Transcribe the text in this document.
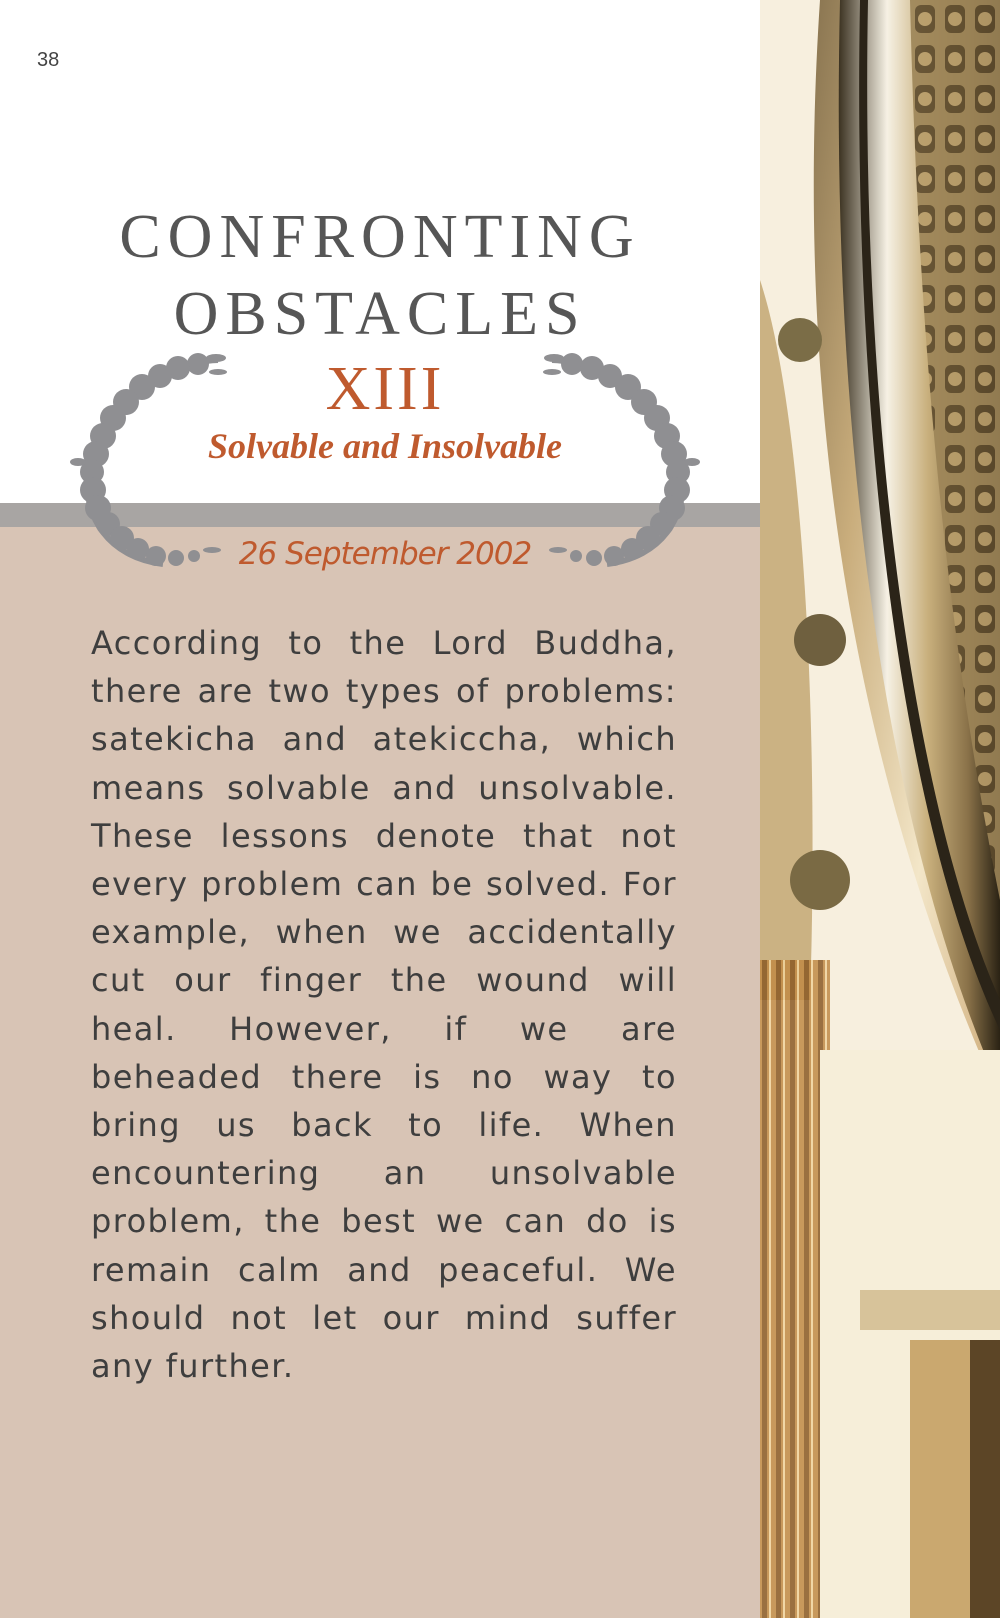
38
CONFRONTING
OBSTACLES
XIII
Solvable and Insolvable
26 September 2002

According to the Lord Buddha, there are two types of problems: satekicha and atekiccha, which means solvable and unsolvable. These lessons denote that not every problem can be solved. For example, when we accidentally cut our finger the wound will heal. However, if we are beheaded there is no way to bring us back to life. When encountering an unsolvable problem, the best we can do is remain calm and peaceful. We should not let our mind suffer any further.
